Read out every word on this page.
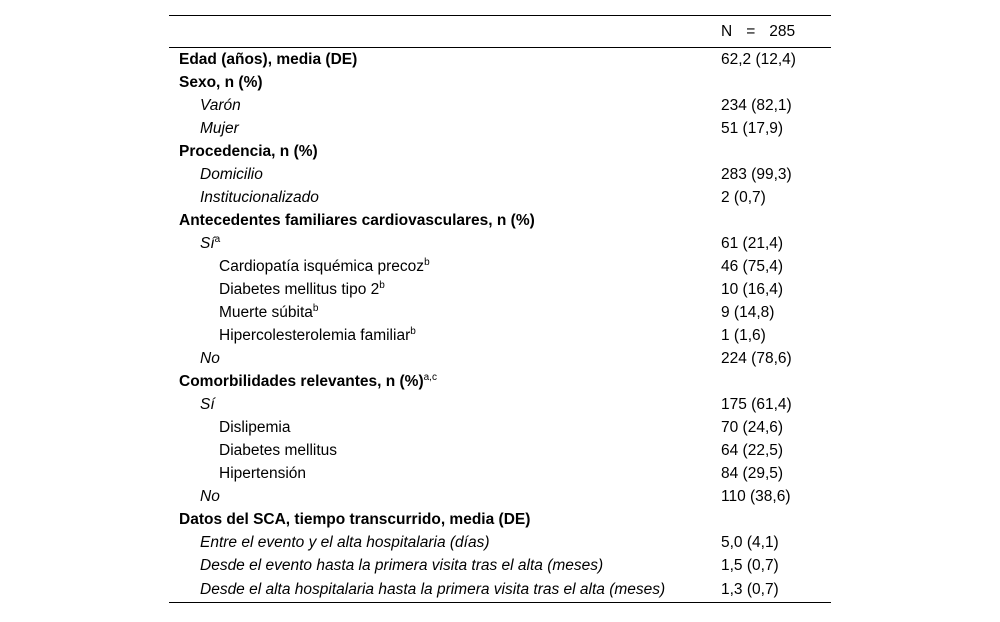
	N = 285
Edad (años), media (DE)	62,2 (12,4)
Sexo, n (%)	
Varón	234 (82,1)
Mujer	51 (17,9)
Procedencia, n (%)	
Domicilio	283 (99,3)
Institucionalizado	2 (0,7)
Antecedentes familiares cardiovasculares, n (%)	
$Sí^a$	61 (21,4)
Cardiopatía isquémica precoz$^b$	46 (75,4)
Diabetes mellitus tipo 2$^b$	10 (16,4)
Muerte súbita$^b$	9 (14,8)
Hipercolesterolemia familiar$^b$	1 (1,6)
No	224 (78,6)
Comorbilidades relevantes, n (%)$^{a,c}$	
Sí	175 (61,4)
Dislipemia	70 (24,6)
Diabetes mellitus	64 (22,5)
Hipertensión	84 (29,5)
No	110 (38,6)
Datos del SCA, tiempo transcurrido, media (DE)	
Entre el evento y el alta hospitalaria (días)	5,0 (4,1)
Desde el evento hasta la primera visita tras el alta (meses)	1,5 (0,7)
Desde el alta hospitalaria hasta la primera visita tras el alta (meses)	1,3 (0,7)
